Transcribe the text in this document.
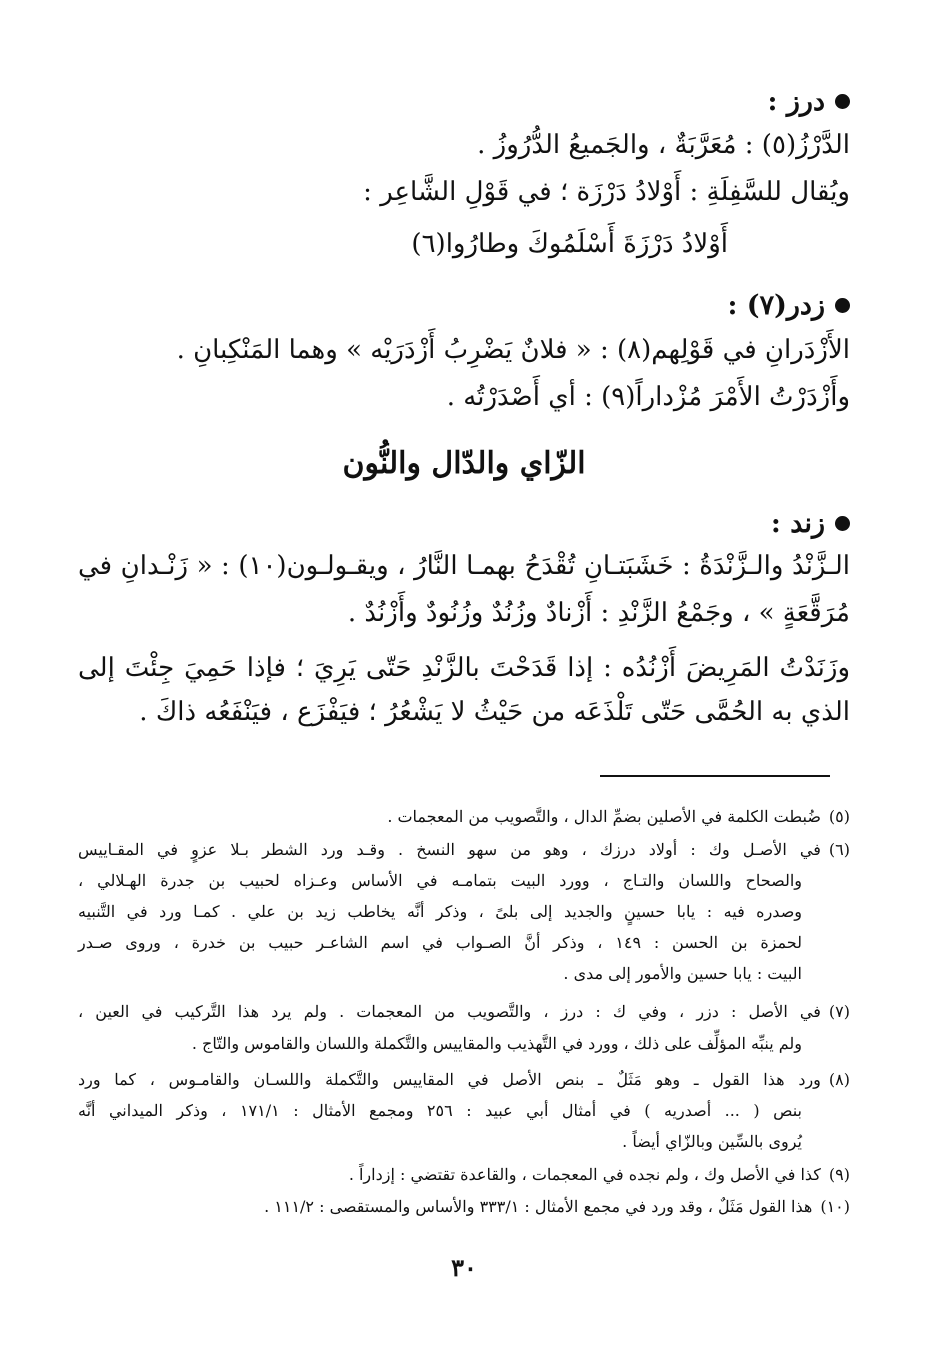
درز :
الدَّرْزُ(٥) : مُعَرَّبَةٌ ، والجَميعُ الدُّرُوزُ .
ويُقال للسَّفِلَةِ : أَوْلادُ دَرْزَة ؛ في قَوْلِ الشَّاعِر :
أَوْلادُ دَرْزَةَ أَسْلَمُوكَ وطارُوا(٦)
زدر(٧) :
الأَزْدَرانِ في قَوْلِهم(٨) : « فلانٌ يَضْرِبُ أَزْدَرَيْه » وهما المَنْكِبانِ .
وأَزْدَرْتُ الأَمْرَ مُزْداراً(٩) : أي أَصْدَرْتُه .
الزّاي والدّال والنُّون
زند :
الـزَّنْدُ والـزَّنْدَةُ : خَشَبَتـانِ تُقْدَحُ بهمـا النَّارُ ، ويقـولـون(١٠) : « زَنْـدانِ في
مُرَقَّعَةٍ » ، وجَمْعُ الزَّنْدِ : أَزْنادٌ وزُنُدٌ وزُنُودٌ وأَزْنُدٌ .
وزَنَدْتُ المَرِيضَ أَزْنُدُه : إذا قَدَحْتَ بالزَّنْدِ حَتّى يَرِيَ ؛ فإذا حَمِيَ جِئْتَ إلى
الذي به الحُمَّى حَتّى تَلْذَعَه من حَيْثُ لا يَشْعُرُ ؛ فيَفْزَع ، فيَنْفَعُه ذاكَ .
(٥)ضُبطت الكلمة في الأصلين بضمِّ الدال ، والتَّصويب من المعجمات .
(٦)في الأصـل وك : أولاد درزك ، وهو من سهو النسخ . وقـد ورد الشطر بـلا عزوٍ في المقـاييس
والصحاح واللسان والتـاج ، وورد البيت بتمامـه في الأساس وعـزاه لحبيب بن جدرة الهـلالي ،
وصدره فيه : يابا حسينٍ والجديد إلى بلىً ، وذكر أنَّه يخاطب زيد بن علي . كمـا ورد في التَّنبيه
لحمزة بن الحسن : ١٤٩ ، وذكر أنَّ الصـواب في اسم الشاعـر حبيب بن خدرة ، وروى صـدر
البيت : يابا حسين والأمور إلى مدى .
(٧)في الأصل : دزر ، وفي ك : درز ، والتَّصويب من المعجمات . ولم يرد هذا التَّركيب في العين ،
ولم ينبِّه المؤلِّف على ذلك ، وورد في التَّهذيب والمقاييس والتَّكملة واللسان والقاموس والتّاج .
(٨)ورد هذا القول ـ وهو مَثَلٌ ـ بنص الأصل في المقاييس والتَّكملة واللسـان والقامـوس ، كما ورد
بنص ( ... أصدريه ) في أمثال أبي عبيد : ٢٥٦ ومجمع الأمثال : ١٧١/١ ، وذكر الميداني أنَّه
يُروى بالسِّين وبالزّاي أيضاً .
(٩)كذا في الأصل وك ، ولم نجده في المعجمات ، والقاعدة تقتضي : إزداراً .
(١٠)هذا القول مَثَلٌ ، وقد ورد في مجمع الأمثال : ٣٣٣/١ والأساس والمستقصى : ١١١/٢ .
٣٠
